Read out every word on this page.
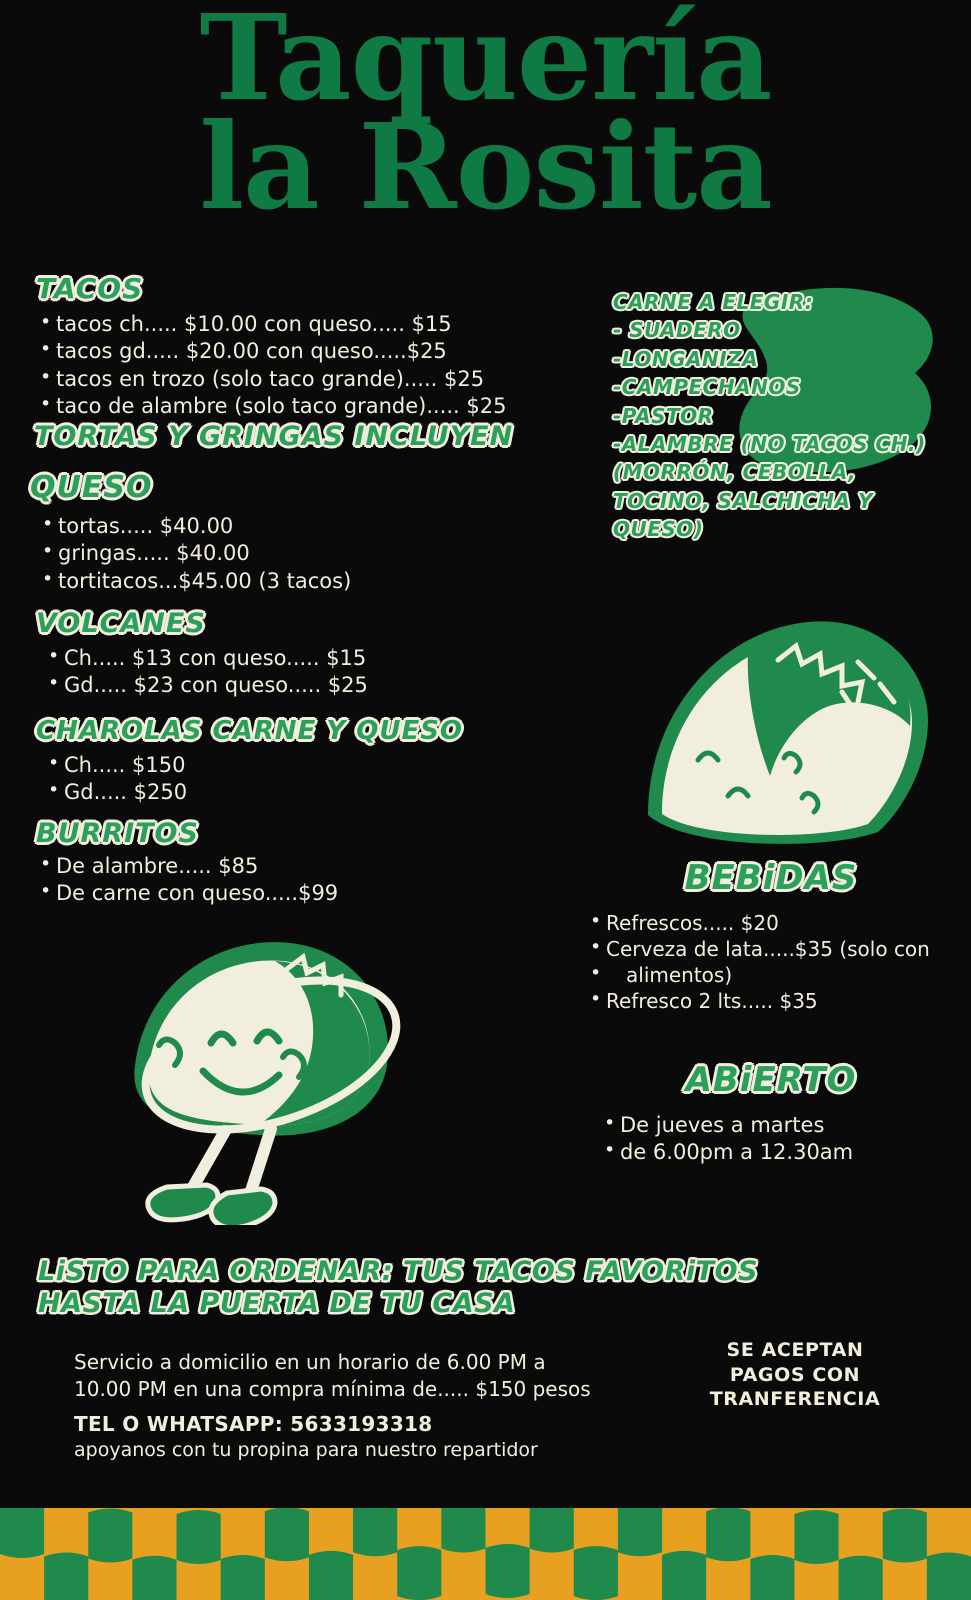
Taquería
la Rosita
TACOS
• tacos ch..... $10.00 con queso..... $15
• tacos gd..... $20.00 con queso.....$25
• tacos en trozo (solo taco grande)..... $25
• taco de alambre (solo taco grande)..... $25
TORTAS Y GRINGAS INCLUYEN
QUESO
• tortas..... $40.00
• gringas..... $40.00
• tortitacos...$45.00 (3 tacos)
VOLCANES
• Ch..... $13 con queso..... $15
• Gd..... $23 con queso..... $25
CHAROLAS CARNE Y QUESO
• Ch..... $150
• Gd..... $250
BURRITOS
• De alambre..... $85
• De carne con queso.....$99
CARNE A ELEGIR:
- SUADERO
-LONGANIZA
-CAMPECHANOS
-PASTOR
-ALAMBRE (NO TACOS CH.)
(MORRÓN, CEBOLLA,
TOCINO, SALCHICHA Y
QUESO)
BEBiDAS
• Refrescos..... $20
• Cerveza de lata.....$35 (solo con
• alimentos)
• Refresco 2 lts..... $35
ABiERTO
• De jueves a martes
• de 6.00pm a 12.30am
LiSTO PARA ORDENAR: TUS TACOS FAVORiTOS
HASTA LA PUERTA DE TU CASA
Servicio a domicilio en un horario de 6.00 PM a
10.00 PM en una compra mínima de..... $150 pesos
TEL O WHATSAPP: 5633193318
apoyanos con tu propina para nuestro repartidor
SE ACEPTAN
PAGOS CON
TRANFERENCIA
